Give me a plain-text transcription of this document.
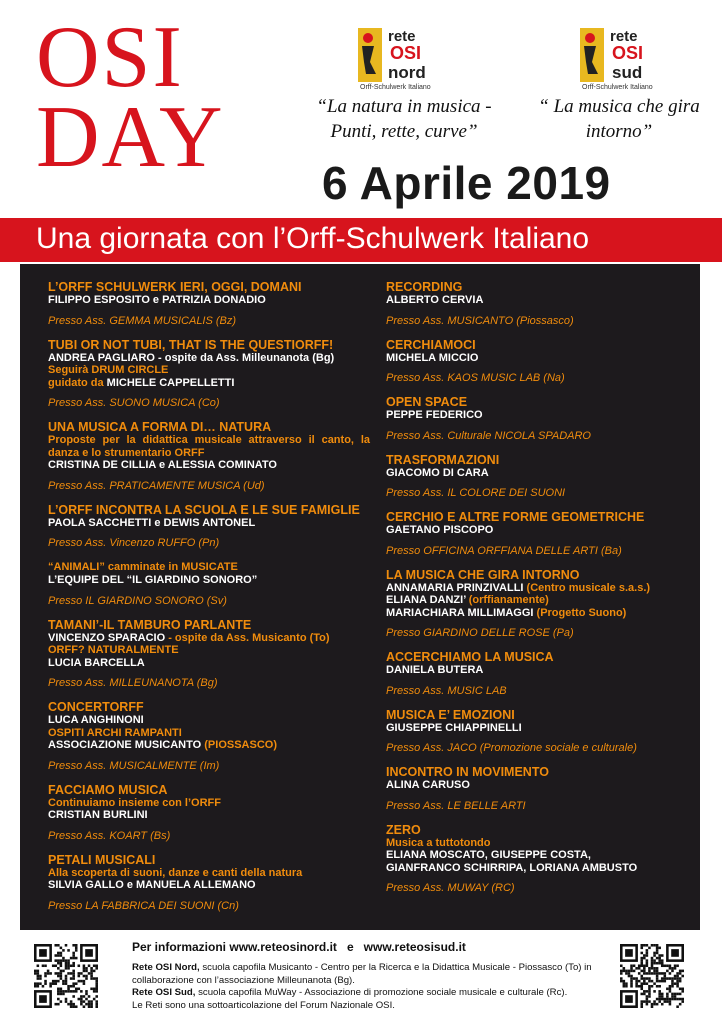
OSI
DAY
rete
OSI
nord
Orff-Schulwerk Italiano
rete
OSI
sud
Orff-Schulwerk Italiano
“La natura in musica -
Punti, rette, curve”
“ La musica che gira
intorno”
6 Aprile 2019
Una giornata con l’Orff-Schulwerk Italiano
L’ORFF SCHULWERK IERI, OGGI, DOMANI
FILIPPO ESPOSITO e PATRIZIA DONADIO
Presso Ass. GEMMA MUSICALIS (Bz)
TUBI OR NOT TUBI, THAT IS THE QUESTIORFF!
ANDREA PAGLIARO - ospite da Ass. Milleunanota (Bg)
Seguirà DRUM CIRCLE
guidato da MICHELE CAPPELLETTI
Presso Ass. SUONO MUSICA (Co)
UNA MUSICA A FORMA DI… NATURA
Proposte per la didattica musicale attraverso il canto, la danza e lo strumentario ORFF
CRISTINA DE CILLIA e ALESSIA COMINATO
Presso Ass. PRATICAMENTE MUSICA (Ud)
L’ORFF INCONTRA LA SCUOLA E LE SUE FAMIGLIE
PAOLA SACCHETTI e DEWIS ANTONEL
Presso Ass. Vincenzo RUFFO (Pn)
“ANIMALI” camminate in MUSICATE
L’EQUIPE DEL “IL GIARDINO SONORO”
Presso IL GIARDINO SONORO (Sv)
TAMANI’-IL TAMBURO PARLANTE
VINCENZO SPARACIO - ospite da Ass. Musicanto (To)
ORFF? NATURALMENTE
LUCIA BARCELLA
Presso Ass. MILLEUNANOTA (Bg)
CONCERTORFF
LUCA ANGHINONI
OSPITI ARCHI RAMPANTI
ASSOCIAZIONE MUSICANTO (PIOSSASCO)
Presso Ass. MUSICALMENTE (Im)
FACCIAMO MUSICA
Continuiamo insieme con l’ORFF
CRISTIAN BURLINI
Presso Ass. KOART (Bs)
PETALI MUSICALI
Alla scoperta di suoni, danze e canti della natura
SILVIA GALLO e MANUELA ALLEMANO
Presso LA FABBRICA DEI SUONI (Cn)
RECORDING
ALBERTO CERVIA
Presso Ass. MUSICANTO (Piossasco)
CERCHIAMOCI
MICHELA MICCIO
Presso Ass. KAOS MUSIC LAB (Na)
OPEN SPACE
PEPPE FEDERICO
Presso Ass. Culturale NICOLA SPADARO
TRASFORMAZIONI
GIACOMO DI CARA
Presso Ass. IL COLORE DEI SUONI
CERCHIO E ALTRE FORME GEOMETRICHE
GAETANO PISCOPO
Presso OFFICINA ORFFIANA DELLE ARTI (Ba)
LA MUSICA CHE GIRA INTORNO
ANNAMARIA PRINZIVALLI (Centro musicale s.a.s.)
ELIANA DANZI’ (orffianamente)
MARIACHIARA MILLIMAGGI (Progetto Suono)
Presso GIARDINO DELLE ROSE (Pa)
ACCERCHIAMO LA MUSICA
DANIELA BUTERA
Presso Ass. MUSIC LAB
MUSICA E’ EMOZIONI
GIUSEPPE CHIAPPINELLI
Presso Ass. JACO (Promozione sociale e culturale)
INCONTRO IN MOVIMENTO
ALINA CARUSO
Presso Ass. LE BELLE ARTI
ZERO
Musica a tuttotondo
ELIANA MOSCATO, GIUSEPPE COSTA,
GIANFRANCO SCHIRRIPA, LORIANA AMBUSTO
Presso Ass. MUWAY (RC)
Per informazioni www.reteosinord.it e www.reteosisud.it
Rete OSI Nord, scuola capofila Musicanto - Centro per la Ricerca e la Didattica Musicale - Piossasco (To) in collaborazione con l’associazione Milleunanota (Bg).
Rete OSI Sud, scuola capofila MuWay - Associazione di promozione sociale musicale e culturale (Rc).
Le Reti sono una sottoarticolazione del Forum Nazionale OSI.
